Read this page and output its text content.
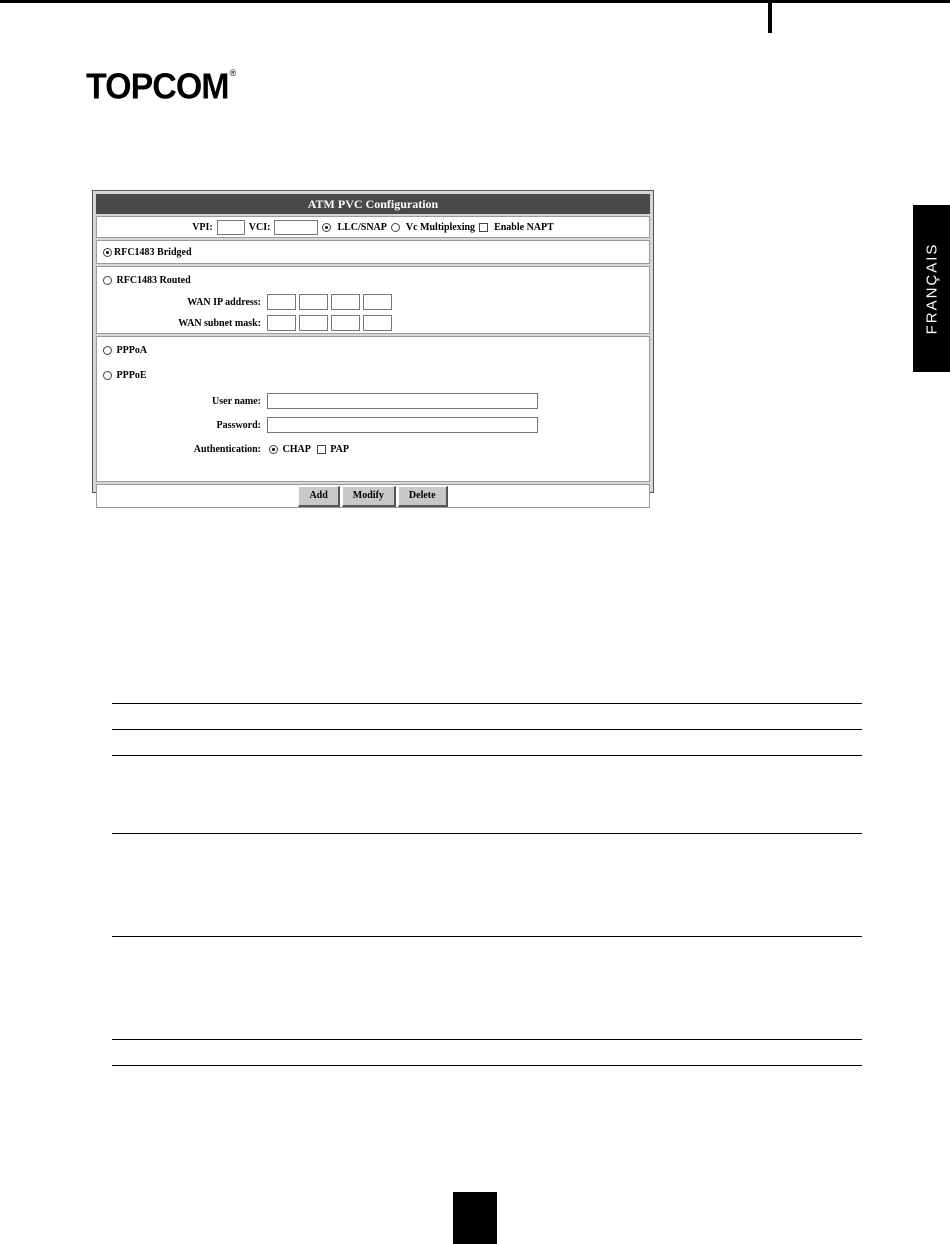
TOPCOM ®
FRANÇAIS
ATM PVC Configuration
VPI:	VCI:	LLC/SNAP Vc Multiplexing Enable NAPT
RFC1483 Bridged
RFC1483 Routed
WAN IP address:
WAN subnet mask:
PPPoA
PPPoE
User name:
Password:
Authentication:	CHAP PAP
Add	Modify	Delete
